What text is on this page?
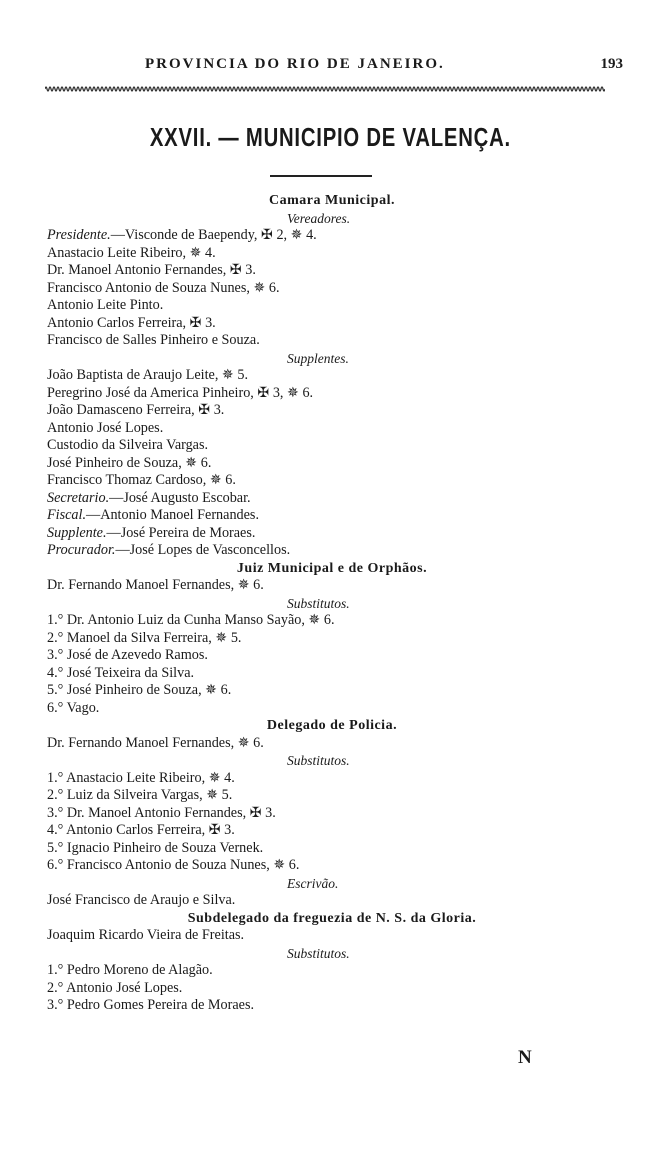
PROVINCIA DO RIO DE JANEIRO.	193
XXVII. — MUNICIPIO DE VALENÇA.
Camara Municipal.
Vereadores.
Presidente.—Visconde de Baependy, ✠ 2, ✵ 4.
Anastacio Leite Ribeiro, ✵ 4.
Dr. Manoel Antonio Fernandes, ✠ 3.
Francisco Antonio de Souza Nunes, ✵ 6.
Antonio Leite Pinto.
Antonio Carlos Ferreira, ✠ 3.
Francisco de Salles Pinheiro e Souza.
Supplentes.
João Baptista de Araujo Leite, ✵ 5.
Peregrino José da America Pinheiro, ✠ 3, ✵ 6.
João Damasceno Ferreira, ✠ 3.
Antonio José Lopes.
Custodio da Silveira Vargas.
José Pinheiro de Souza, ✵ 6.
Francisco Thomaz Cardoso, ✵ 6.
Secretario.—José Augusto Escobar.
Fiscal.—Antonio Manoel Fernandes.
Supplente.—José Pereira de Moraes.
Procurador.—José Lopes de Vasconcellos.
Juiz Municipal e de Orphãos.
Dr. Fernando Manoel Fernandes, ✵ 6.
Substitutos.
1.° Dr. Antonio Luiz da Cunha Manso Sayão, ✵ 6.
2.° Manoel da Silva Ferreira, ✵ 5.
3.° José de Azevedo Ramos.
4.° José Teixeira da Silva.
5.° José Pinheiro de Souza, ✵ 6.
6.° Vago.
Delegado de Policia.
Dr. Fernando Manoel Fernandes, ✵ 6.
Substitutos.
1.° Anastacio Leite Ribeiro, ✵ 4.
2.° Luiz da Silveira Vargas, ✵ 5.
3.° Dr. Manoel Antonio Fernandes, ✠ 3.
4.° Antonio Carlos Ferreira, ✠ 3.
5.° Ignacio Pinheiro de Souza Vernek.
6.° Francisco Antonio de Souza Nunes, ✵ 6.
Escrivão.
José Francisco de Araujo e Silva.
Subdelegado da freguezia de N. S. da Gloria.
Joaquim Ricardo Vieira de Freitas.
Substitutos.
1.° Pedro Moreno de Alagão.
2.° Antonio José Lopes.
3.° Pedro Gomes Pereira de Moraes.
N
